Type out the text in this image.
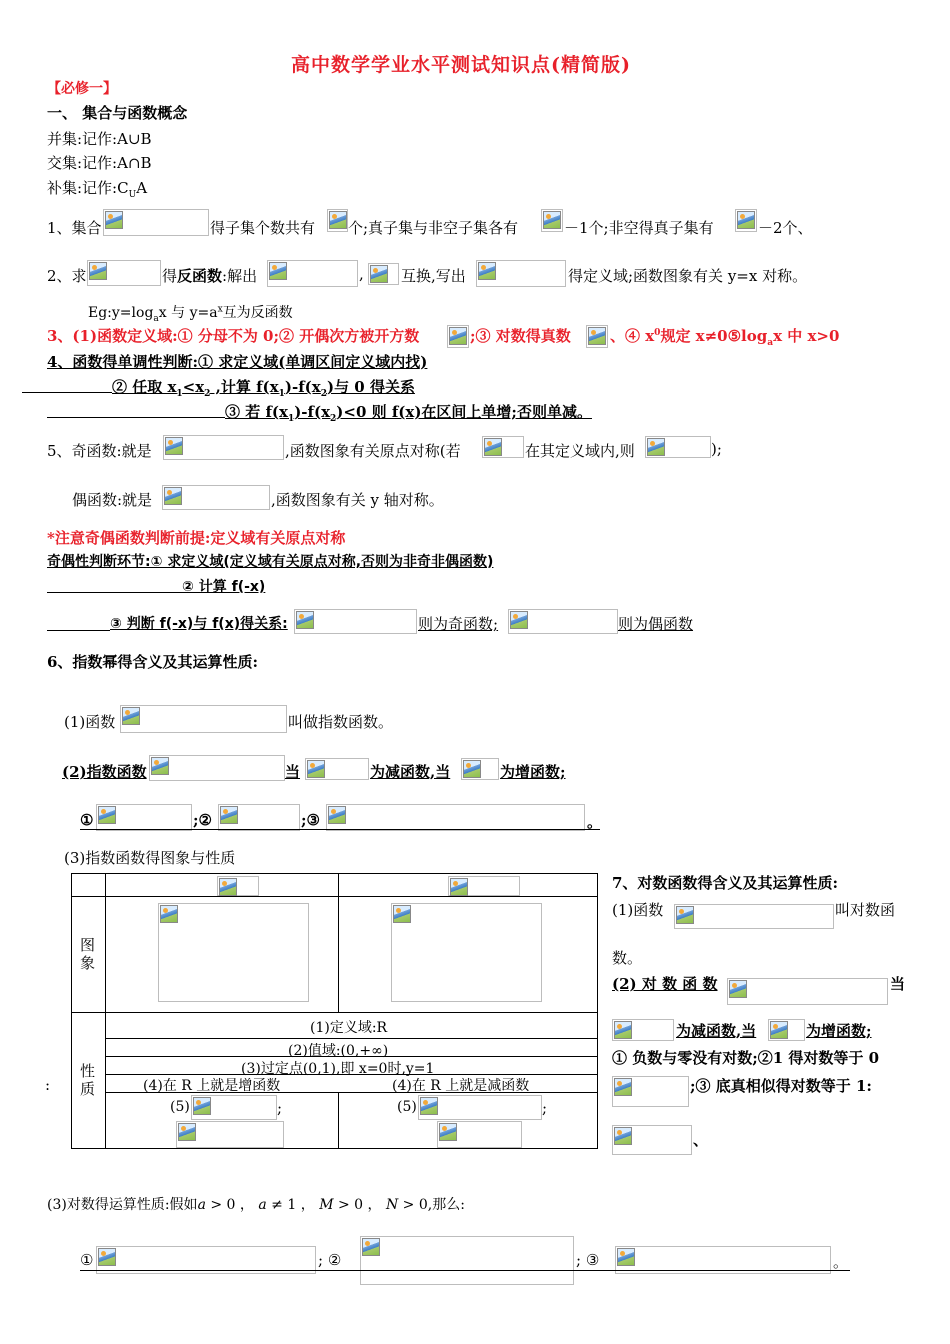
高中数学学业水平测试知识点(精简版)
【必修一】
一、 集合与函数概念
并集:记作:A∪B
交集:记作:A∩B
补集:记作$:C_UA$
1、集合	得子集个数共有 个;真子集与非空子集各有	－1个;非空得真子集有	－2个、
2、求	得反函数:解出	, 互换,写出	得定义域;函数图象有关 y=x 对称。
$Eg:y=\log_ax$ 与 $y=a^x$互为反函数
3、(1)函数定义域:① 分母不为 0;② 开偶次方被开方数	;③ 对数得真数	、④ $x^0$规定 $x\ne 0⑤\log_ax$ 中 x>0
4、函数得单调性判断:① 求定义域(单调区间定义域内找)
② 任取 $x_1<x_2$ ,计算 $f(x_1)-f(x_2)$与 0 得关系
③ 若 $f(x_1)-f(x_2)<0$ 则 f(x)在区间上单增;否则单减。
5、奇函数:就是	,函数图象有关原点对称(若	在其定义域内,则	);
偶函数:就是	,函数图象有关 y 轴对称。
*注意奇偶函数判断前提:定义域有关原点对称
奇偶性判断环节:① 求定义域(定义域有关原点对称,否则为非奇非偶函数)
② 计算 f(-x)
③ 判断 f(-x)与 f(x)得关系:	则为奇函数;	则为偶函数
6、指数幂得含义及其运算性质:
(1)函数	叫做指数函数。
(2)指数函数	当	为减函数,当	为增函数;
①	;②	;③	。
(3)指数函数得图象与性质
图象
性质
:
(1)定义域:R
(2)值域:(0,+∞)
(3)过定点(0,1),即 x=0时,y=1
(4)在 R 上就是增函数	(4)在 R 上就是减函数
(5)	;	(5)	;
7、对数函数得含义及其运算性质:
(1)函数	叫对数函
数。
(2) 对 数 函 数	当
为减函数,当	为增函数;
① 负数与零没有对数;②1 得对数等于 0
;③ 底真相似得对数等于 1:
、
(3)对数得运算性质:假如a > 0 ， a ≠ 1 ， M > 0 ， N > 0,那么:
①	; ②	; ③	。
